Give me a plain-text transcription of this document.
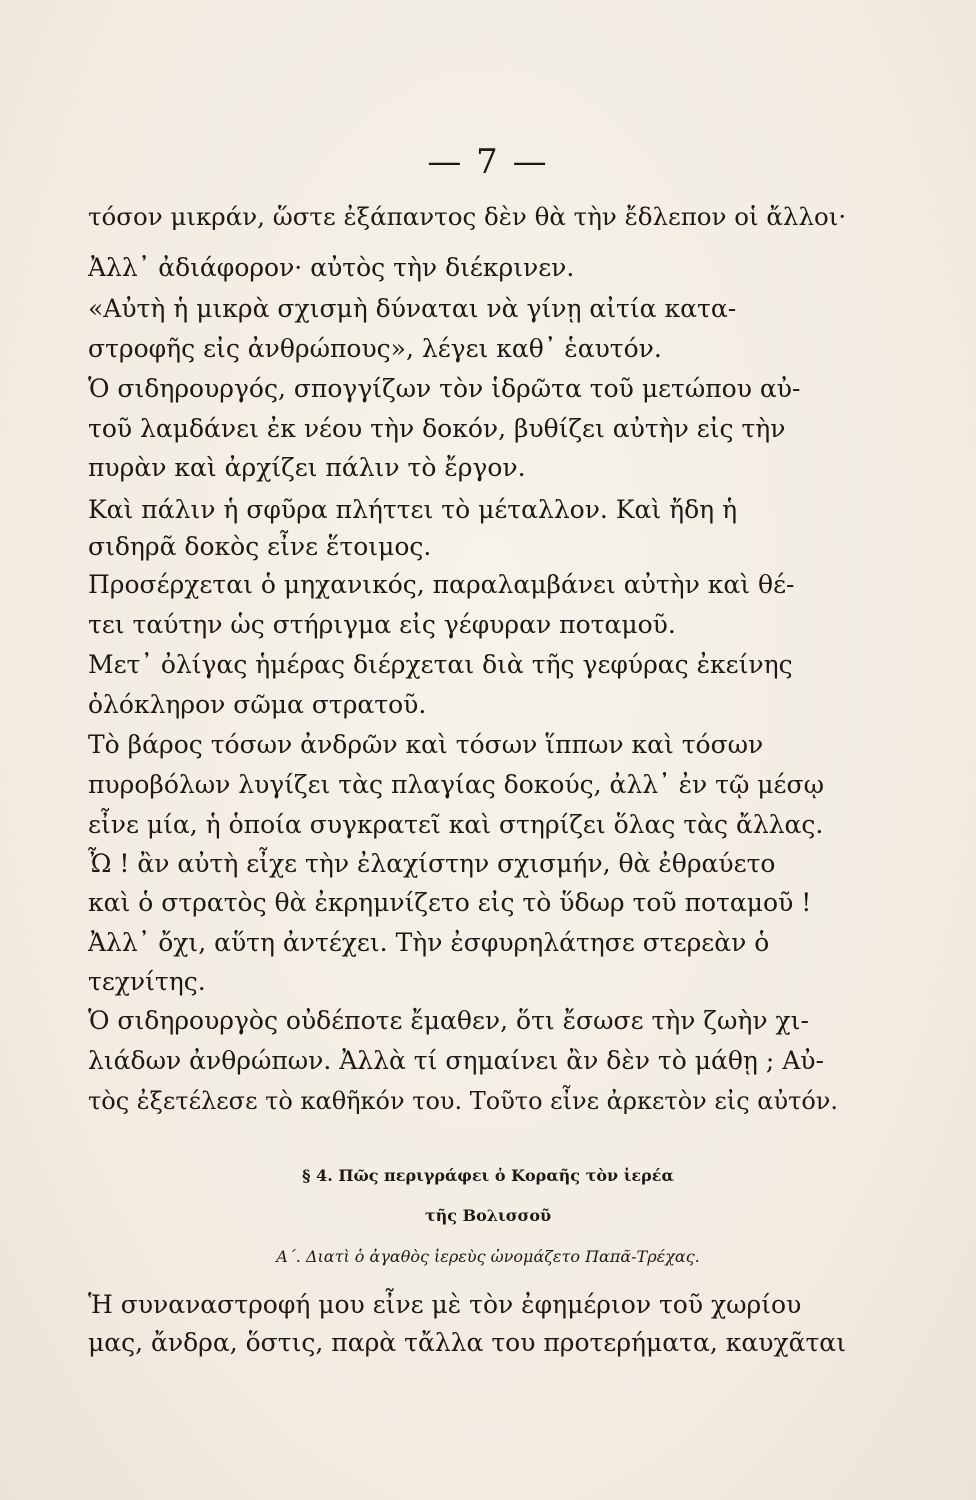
— 7 —
τόσον μικράν, ὥστε ἐξάπαντος δὲν θὰ τὴν ἔδλεπον οἱ ἄλλοι·
Ἀλλ᾽ ἀδιάφορον· αὐτὸς τὴν διέκρινεν.
«Αὐτὴ ἡ μικρὰ σχισμὴ δύναται νὰ γίνῃ αἰτία κατα-
στροφῆς εἰς ἀνθρώπους», λέγει καθ᾽ ἑαυτόν.
Ὁ σιδηρουργός, σπογγίζων τὸν ἱδρῶτα τοῦ μετώπου αὐ-
τοῦ λαμδάνει ἐκ νέου τὴν δοκόν, βυθίζει αὐτὴν εἰς τὴν
πυρὰν καὶ ἀρχίζει πάλιν τὸ ἔργον.
Καὶ πάλιν ἡ σφῦρα πλήττει τὸ μέταλλον. Καὶ ἤδη ἡ
σιδηρᾶ δοκὸς εἶνε ἕτοιμος.
Προσέρχεται ὁ μηχανικός, παραλαμβάνει αὐτὴν καὶ θέ-
τει ταύτην ὡς στήριγμα εἰς γέφυραν ποταμοῦ.
Μετ᾽ ὀλίγας ἡμέρας διέρχεται διὰ τῆς γεφύρας ἐκείνης
ὁλόκληρον σῶμα στρατοῦ.
Τὸ βάρος τόσων ἀνδρῶν καὶ τόσων ἵππων καὶ τόσων
πυροβόλων λυγίζει τὰς πλαγίας δοκούς, ἀλλ᾽ ἐν τῷ μέσῳ
εἶνε μία, ἡ ὁποία συγκρατεῖ καὶ στηρίζει ὅλας τὰς ἄλλας.
Ὦ ! ἂν αὐτὴ εἶχε τὴν ἐλαχίστην σχισμήν, θὰ ἐθραύετο
καὶ ὁ στρατὸς θὰ ἐκρημνίζετο εἰς τὸ ὕδωρ τοῦ ποταμοῦ !
Ἀλλ᾽ ὄχι, αὕτη ἀντέχει. Τὴν ἐσφυρηλάτησε στερεὰν ὁ
τεχνίτης.
Ὁ σιδηρουργὸς οὐδέποτε ἔμαθεν, ὅτι ἔσωσε τὴν ζωὴν χι-
λιάδων ἀνθρώπων. Ἀλλὰ τί σημαίνει ἂν δὲν τὸ μάθῃ ; Αὐ-
τὸς ἐξετέλεσε τὸ καθῆκόν του. Τοῦτο εἶνε ἀρκετὸν εἰς αὐτόν.
§ 4. Πῶς περιγράφει ὁ Κοραῆς τὸν ἱερέα
τῆς Βολισσοῦ
Α΄. Διατὶ ὁ ἀγαθὸς ἱερεὺς ὠνομάζετο Παπᾶ-Τρέχας.
Ἡ συναναστροφή μου εἶνε μὲ τὸν ἐφημέριον τοῦ χωρίου
μας, ἄνδρα, ὅστις, παρὰ τἄλλα του προτερήματα, καυχᾶται
